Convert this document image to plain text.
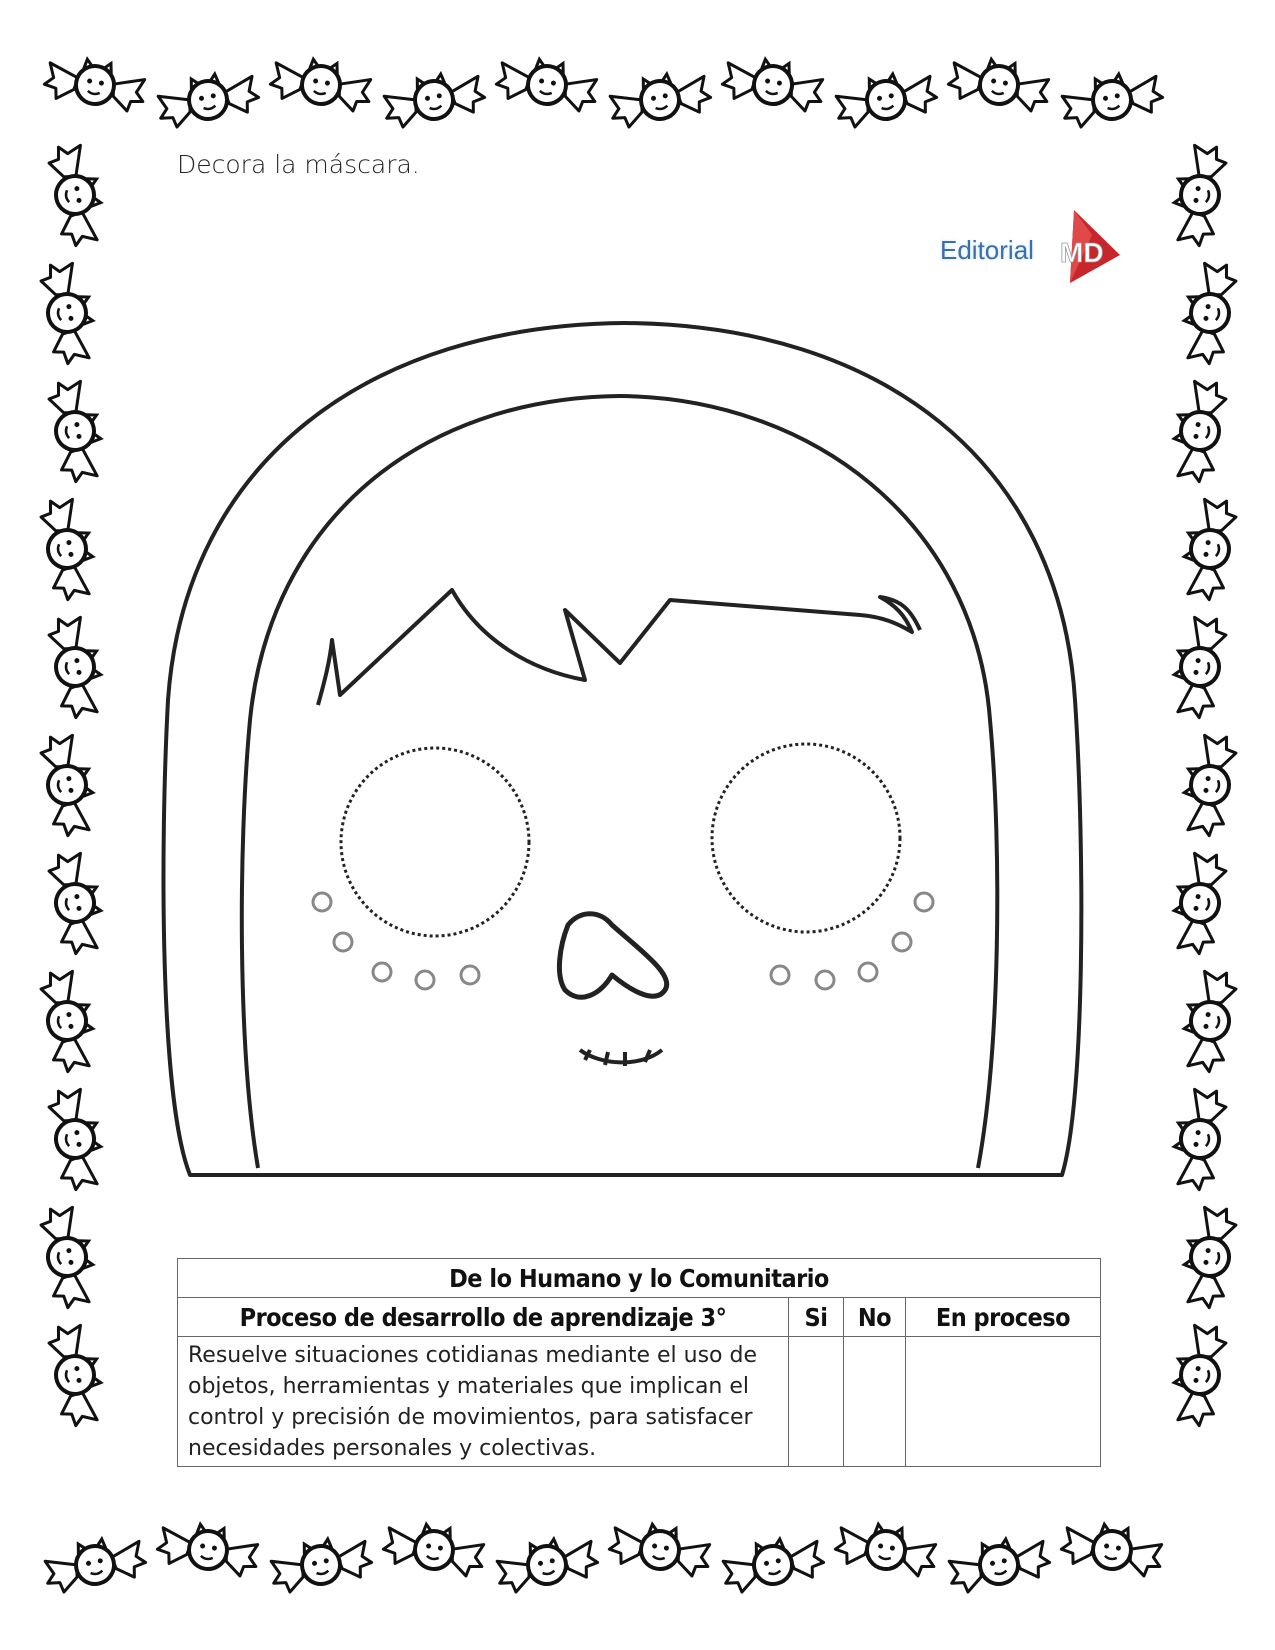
Decora la máscara.
Editorial MD
De lo Humano y lo Comunitario			
Proceso de desarrollo de aprendizaje 3°	Si	No	En proceso
Resuelve situaciones cotidianas mediante el uso de objetos, herramientas y materiales que implican el control y precisión de movimientos, para satisfacer necesidades personales y colectivas.			
